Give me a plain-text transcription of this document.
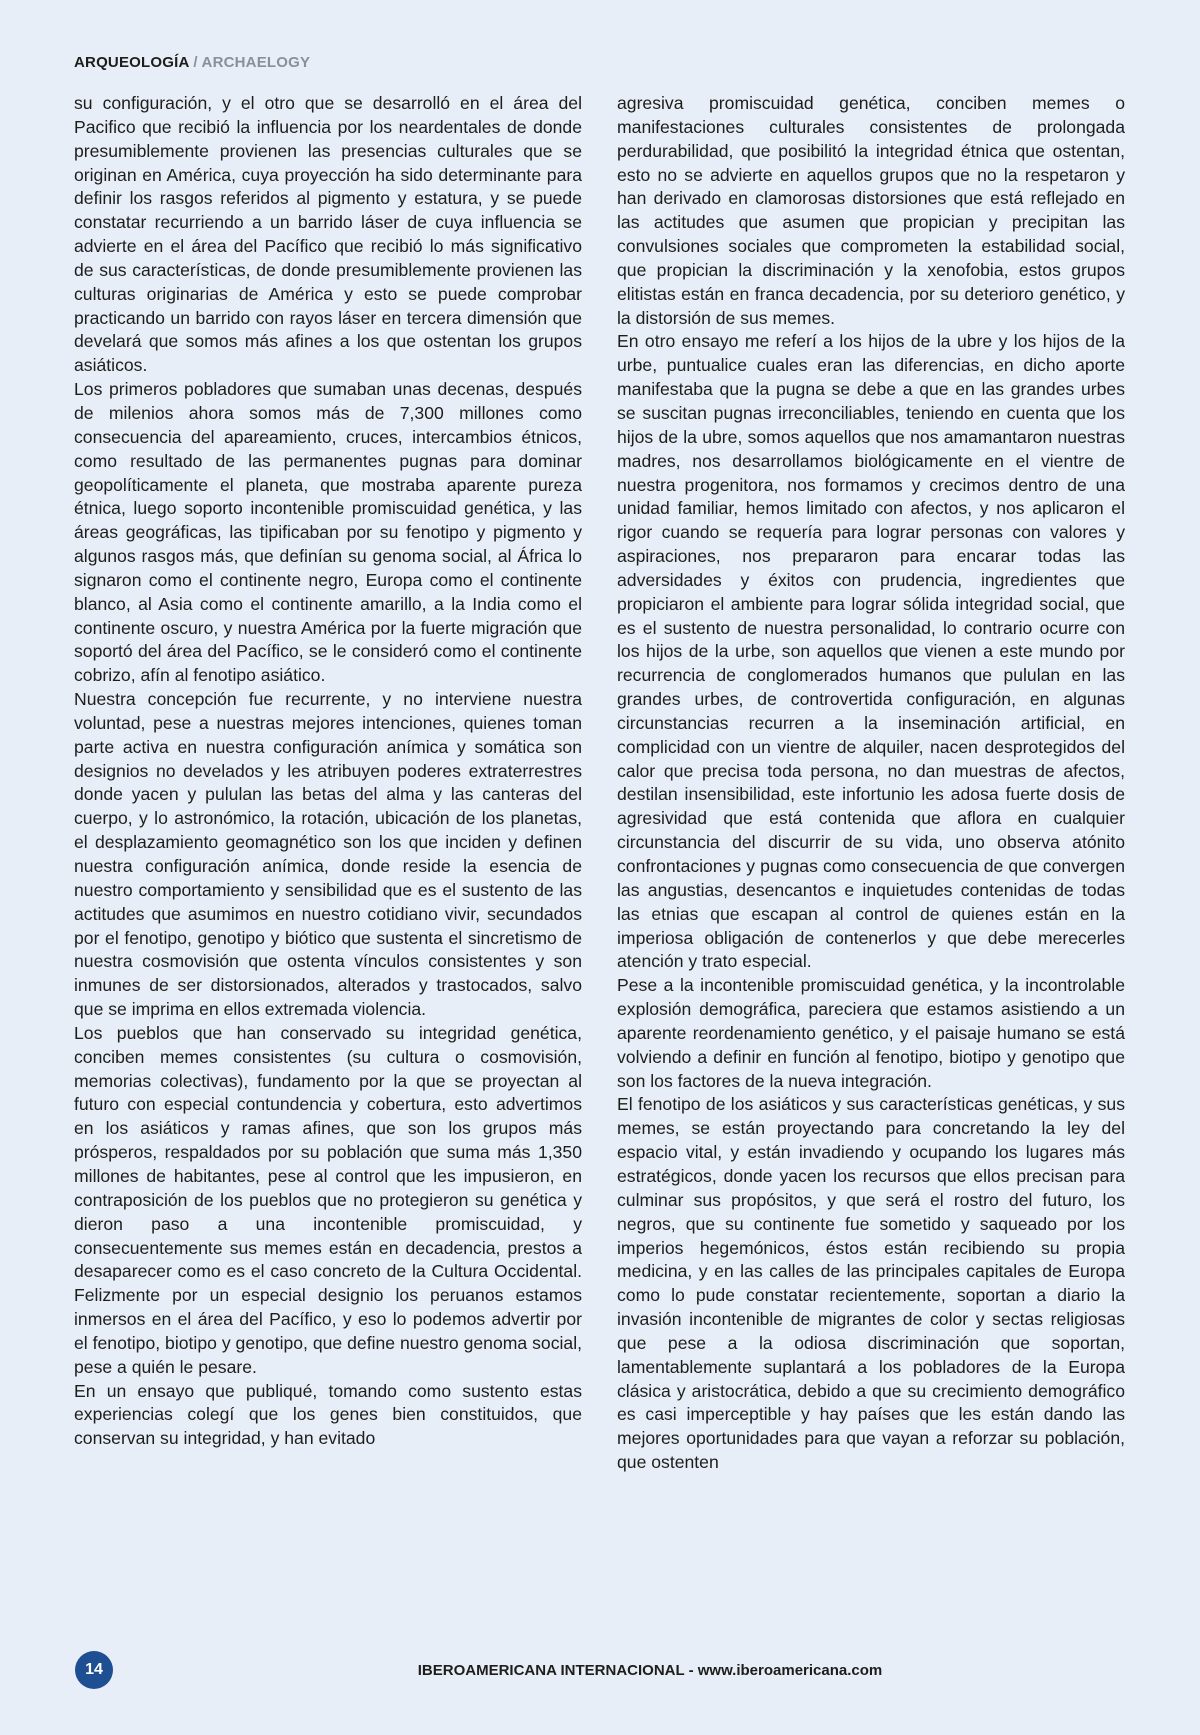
ARQUEOLOGÍA / ARCHAELOGY

su configuración, y el otro que se desarrolló en el área del Pacifico que recibió la influencia por los neardentales de donde presumiblemente provienen las presencias culturales que se originan en América, cuya proyección ha sido determinante para definir los rasgos referidos al pigmento y estatura, y se puede constatar recurriendo a un barrido láser de cuya influencia se advierte en el área del Pacífico que recibió lo más significativo de sus características, de donde presumiblemente provienen las culturas originarias de América y esto se puede comprobar practicando un barrido con rayos láser en tercera dimensión que develará que somos más afines a los que ostentan los grupos asiáticos.

Los primeros pobladores que sumaban unas decenas, después de milenios ahora somos más de 7,300 millones como consecuencia del apareamiento, cruces, intercambios étnicos, como resultado de las permanentes pugnas para dominar geopolíticamente el planeta, que mostraba aparente pureza étnica, luego soporto incontenible promiscuidad genética, y las áreas geográficas, las tipificaban por su fenotipo y pigmento y algunos rasgos más, que definían su genoma social, al África lo signaron como el continente negro, Europa como el continente blanco, al Asia como el continente amarillo, a la India como el continente oscuro, y nuestra América por la fuerte migración que soportó del área del Pacífico, se le consideró como el continente cobrizo, afín al fenotipo asiático.

Nuestra concepción fue recurrente, y no interviene nuestra voluntad, pese a nuestras mejores intenciones, quienes toman parte activa en nuestra configuración anímica y somática son designios no develados y les atribuyen poderes extraterrestres donde yacen y pululan las betas del alma y las canteras del cuerpo, y lo astronómico, la rotación, ubicación de los planetas, el desplazamiento geomagnético son los que inciden y definen nuestra configuración anímica, donde reside la esencia de nuestro comportamiento y sensibilidad que es el sustento de las actitudes que asumimos en nuestro cotidiano vivir, secundados por el fenotipo, genotipo y biótico que sustenta el sincretismo de nuestra cosmovisión que ostenta vínculos consistentes y son inmunes de ser distorsionados, alterados y trastocados, salvo que se imprima en ellos extremada violencia.

Los pueblos que han conservado su integridad genética, conciben memes consistentes (su cultura o cosmovisión, memorias colectivas), fundamento por la que se proyectan al futuro con especial contundencia y cobertura, esto advertimos en los asiáticos y ramas afines, que son los grupos más prósperos, respaldados por su población que suma más 1,350 millones de habitantes, pese al control que les impusieron, en contraposición de los pueblos que no protegieron su genética y dieron paso a una incontenible promiscuidad, y consecuentemente sus memes están en decadencia, prestos a desaparecer como es el caso concreto de la Cultura Occidental. Felizmente por un especial designio los peruanos estamos inmersos en el área del Pacífico, y eso lo podemos advertir por el fenotipo, biotipo y genotipo, que define nuestro genoma social, pese a quién le pesare.

En un ensayo que publiqué, tomando como sustento estas experiencias colegí que los genes bien constituidos, que conservan su integridad, y han evitado

agresiva promiscuidad genética, conciben memes o manifestaciones culturales consistentes de prolongada perdurabilidad, que posibilitó la integridad étnica que ostentan, esto no se advierte en aquellos grupos que no la respetaron y han derivado en clamorosas distorsiones que está reflejado en las actitudes que asumen que propician y precipitan las convulsiones sociales que comprometen la estabilidad social, que propician la discriminación y la xenofobia, estos grupos elitistas están en franca decadencia, por su deterioro genético, y la distorsión de sus memes.

En otro ensayo me referí a los hijos de la ubre y los hijos de la urbe, puntualice cuales eran las diferencias, en dicho aporte manifestaba que la pugna se debe a que en las grandes urbes se suscitan pugnas irreconciliables, teniendo en cuenta que los hijos de la ubre, somos aquellos que nos amamantaron nuestras madres, nos desarrollamos biológicamente en el vientre de nuestra progenitora, nos formamos y crecimos dentro de una unidad familiar, hemos limitado con afectos, y nos aplicaron el rigor cuando se requería para lograr personas con valores y aspiraciones, nos prepararon para encarar todas las adversidades y éxitos con prudencia, ingredientes que propiciaron el ambiente para lograr sólida integridad social, que es el sustento de nuestra personalidad, lo contrario ocurre con los hijos de la urbe, son aquellos que vienen a este mundo por recurrencia de conglomerados humanos que pululan en las grandes urbes, de controvertida configuración, en algunas circunstancias recurren a la inseminación artificial, en complicidad con un vientre de alquiler, nacen desprotegidos del calor que precisa toda persona, no dan muestras de afectos, destilan insensibilidad, este infortunio les adosa fuerte dosis de agresividad que está contenida que aflora en cualquier circunstancia del discurrir de su vida, uno observa atónito confrontaciones y pugnas como consecuencia de que convergen las angustias, desencantos e inquietudes contenidas de todas las etnias que escapan al control de quienes están en la imperiosa obligación de contenerlos y que debe merecerles atención y trato especial.

Pese a la incontenible promiscuidad genética, y la incontrolable explosión demográfica, pareciera que estamos asistiendo a un aparente reordenamiento genético, y el paisaje humano se está volviendo a definir en función al fenotipo, biotipo y genotipo que son los factores de la nueva integración.

El fenotipo de los asiáticos y sus características genéticas, y sus memes, se están proyectando para concretando la ley del espacio vital, y están invadiendo y ocupando los lugares más estratégicos, donde yacen los recursos que ellos precisan para culminar sus propósitos, y que será el rostro del futuro, los negros, que su continente fue sometido y saqueado por los imperios hegemónicos, éstos están recibiendo su propia medicina, y en las calles de las principales capitales de Europa como lo pude constatar recientemente, soportan a diario la invasión incontenible de migrantes de color y sectas religiosas que pese a la odiosa discriminación que soportan, lamentablemente suplantará a los pobladores de la Europa clásica y aristocrática, debido a que su crecimiento demográfico es casi imperceptible y hay países que les están dando las mejores oportunidades para que vayan a reforzar su población, que ostenten

14	IBEROAMERICANA INTERNACIONAL - www.iberoamericana.com
